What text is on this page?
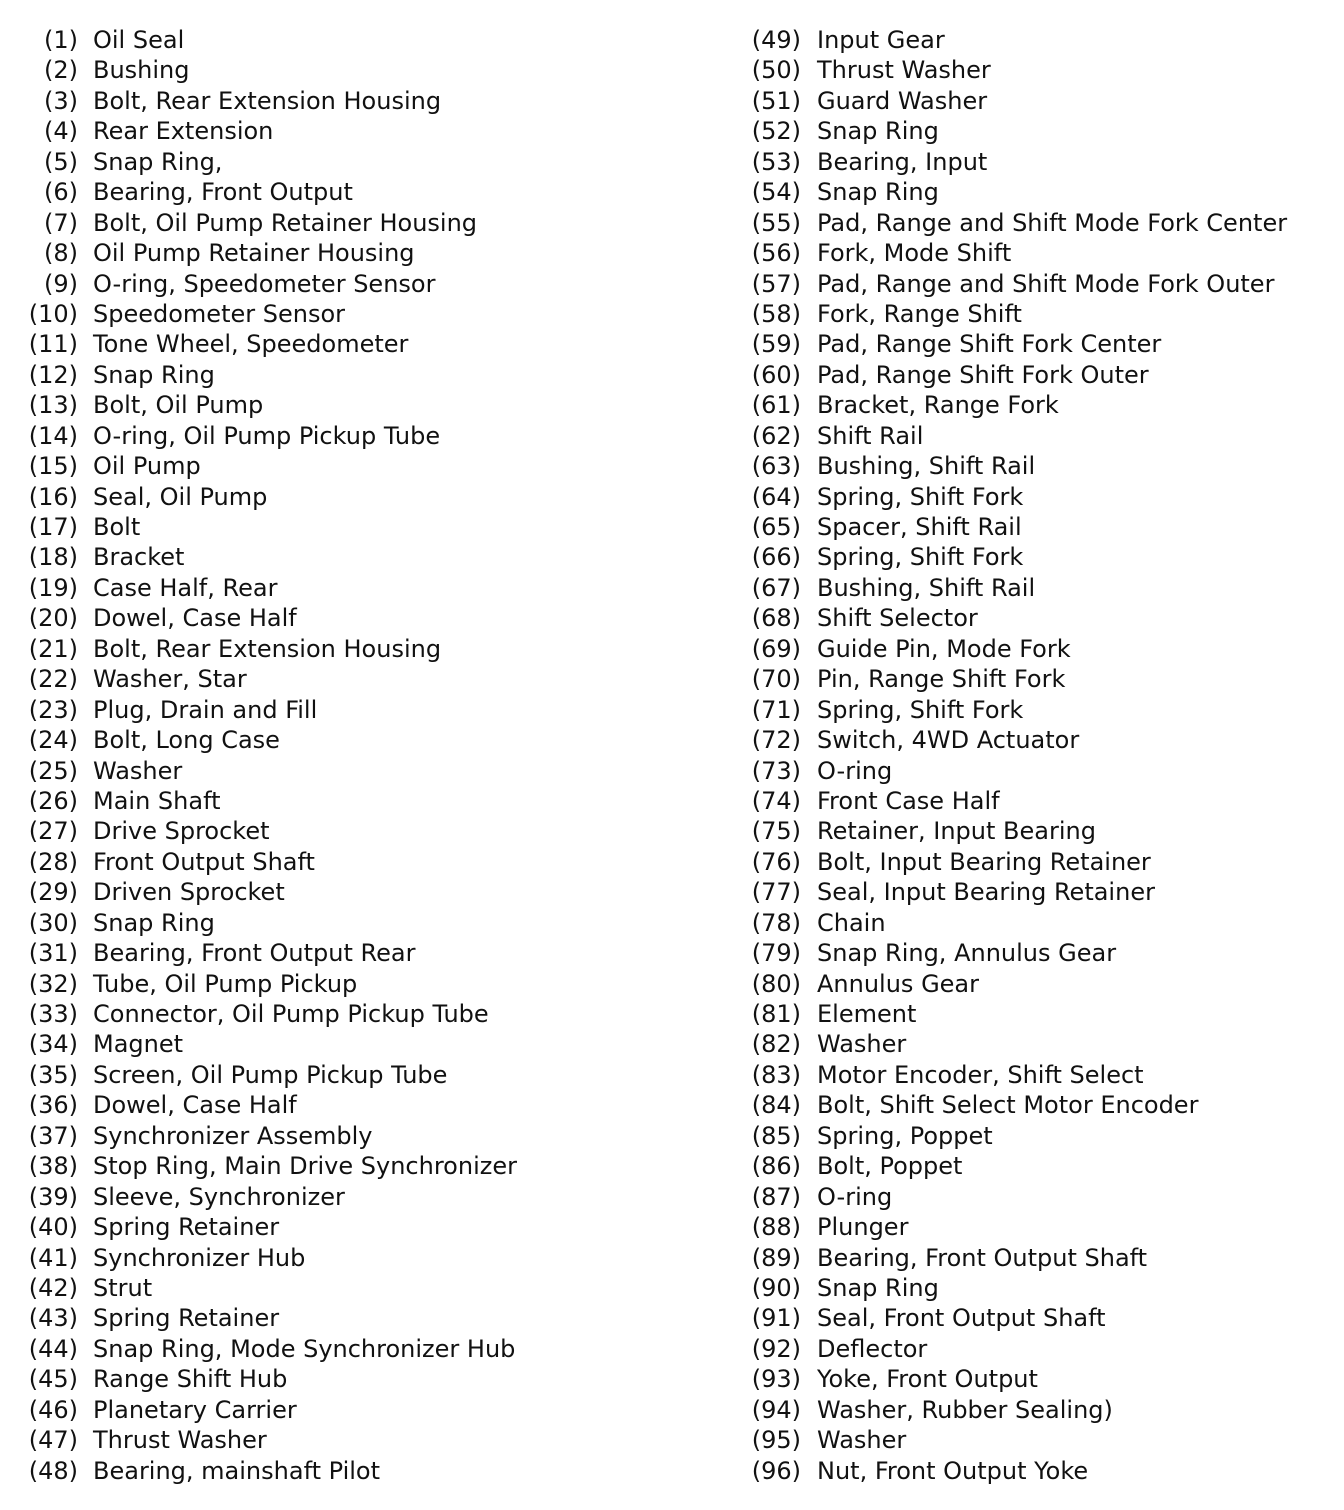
(1) Oil Seal
(2) Bushing
(3) Bolt, Rear Extension Housing
(4) Rear Extension
(5) Snap Ring,
(6) Bearing, Front Output
(7) Bolt, Oil Pump Retainer Housing
(8) Oil Pump Retainer Housing
(9) O-ring, Speedometer Sensor
(10) Speedometer Sensor
(11) Tone Wheel, Speedometer
(12) Snap Ring
(13) Bolt, Oil Pump
(14) O-ring, Oil Pump Pickup Tube
(15) Oil Pump
(16) Seal, Oil Pump
(17) Bolt
(18) Bracket
(19) Case Half, Rear
(20) Dowel, Case Half
(21) Bolt, Rear Extension Housing
(22) Washer, Star
(23) Plug, Drain and Fill
(24) Bolt, Long Case
(25) Washer
(26) Main Shaft
(27) Drive Sprocket
(28) Front Output Shaft
(29) Driven Sprocket
(30) Snap Ring
(31) Bearing, Front Output Rear
(32) Tube, Oil Pump Pickup
(33) Connector, Oil Pump Pickup Tube
(34) Magnet
(35) Screen, Oil Pump Pickup Tube
(36) Dowel, Case Half
(37) Synchronizer Assembly
(38) Stop Ring, Main Drive Synchronizer
(39) Sleeve, Synchronizer
(40) Spring Retainer
(41) Synchronizer Hub
(42) Strut
(43) Spring Retainer
(44) Snap Ring, Mode Synchronizer Hub
(45) Range Shift Hub
(46) Planetary Carrier
(47) Thrust Washer
(48) Bearing, mainshaft Pilot
(49) Input Gear
(50) Thrust Washer
(51) Guard Washer
(52) Snap Ring
(53) Bearing, Input
(54) Snap Ring
(55) Pad, Range and Shift Mode Fork Center
(56) Fork, Mode Shift
(57) Pad, Range and Shift Mode Fork Outer
(58) Fork, Range Shift
(59) Pad, Range Shift Fork Center
(60) Pad, Range Shift Fork Outer
(61) Bracket, Range Fork
(62) Shift Rail
(63) Bushing, Shift Rail
(64) Spring, Shift Fork
(65) Spacer, Shift Rail
(66) Spring, Shift Fork
(67) Bushing, Shift Rail
(68) Shift Selector
(69) Guide Pin, Mode Fork
(70) Pin, Range Shift Fork
(71) Spring, Shift Fork
(72) Switch, 4WD Actuator
(73) O-ring
(74) Front Case Half
(75) Retainer, Input Bearing
(76) Bolt, Input Bearing Retainer
(77) Seal, Input Bearing Retainer
(78) Chain
(79) Snap Ring, Annulus Gear
(80) Annulus Gear
(81) Element
(82) Washer
(83) Motor Encoder, Shift Select
(84) Bolt, Shift Select Motor Encoder
(85) Spring, Poppet
(86) Bolt, Poppet
(87) O-ring
(88) Plunger
(89) Bearing, Front Output Shaft
(90) Snap Ring
(91) Seal, Front Output Shaft
(92) Deflector
(93) Yoke, Front Output
(94) Washer, Rubber Sealing)
(95) Washer
(96) Nut, Front Output Yoke
